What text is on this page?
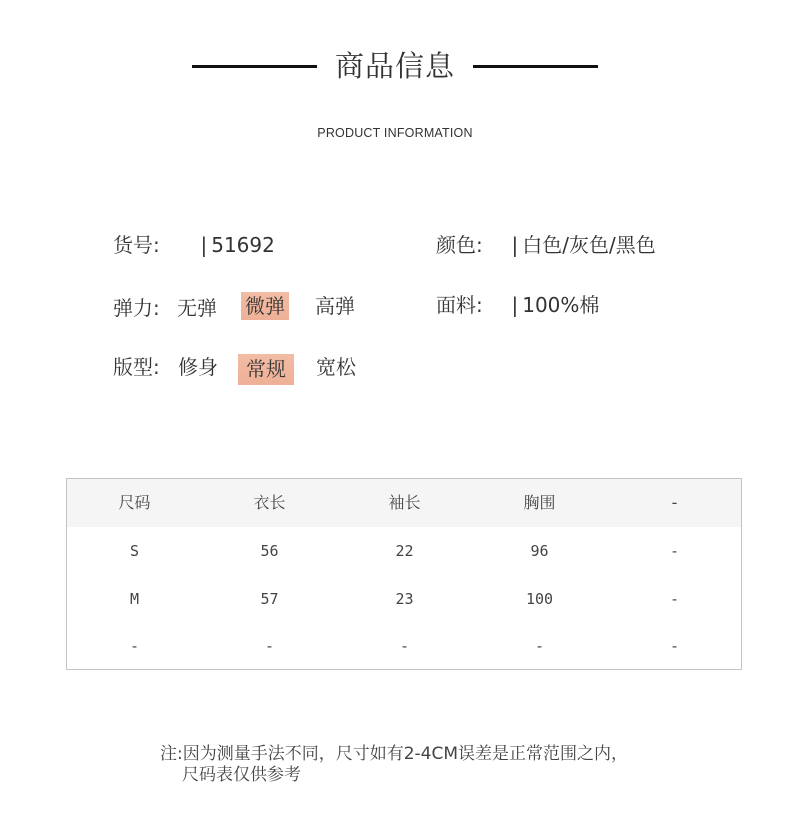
商品信息
PRODUCT INFORMATION
货号: | 51692	颜色: | 白色/灰色/黑色
弹力: 无弹 微弹 高弹	面料: | 100%棉
版型: 修身	常规	宽松
尺码	衣长	袖长	胸围	-
S	56	22	96	-
M	57	23	100	-
-	-	-	-	-
注:因为测量手法不同，尺寸如有2-4CM误差是正常范围之内，
尺码表仅供参考
